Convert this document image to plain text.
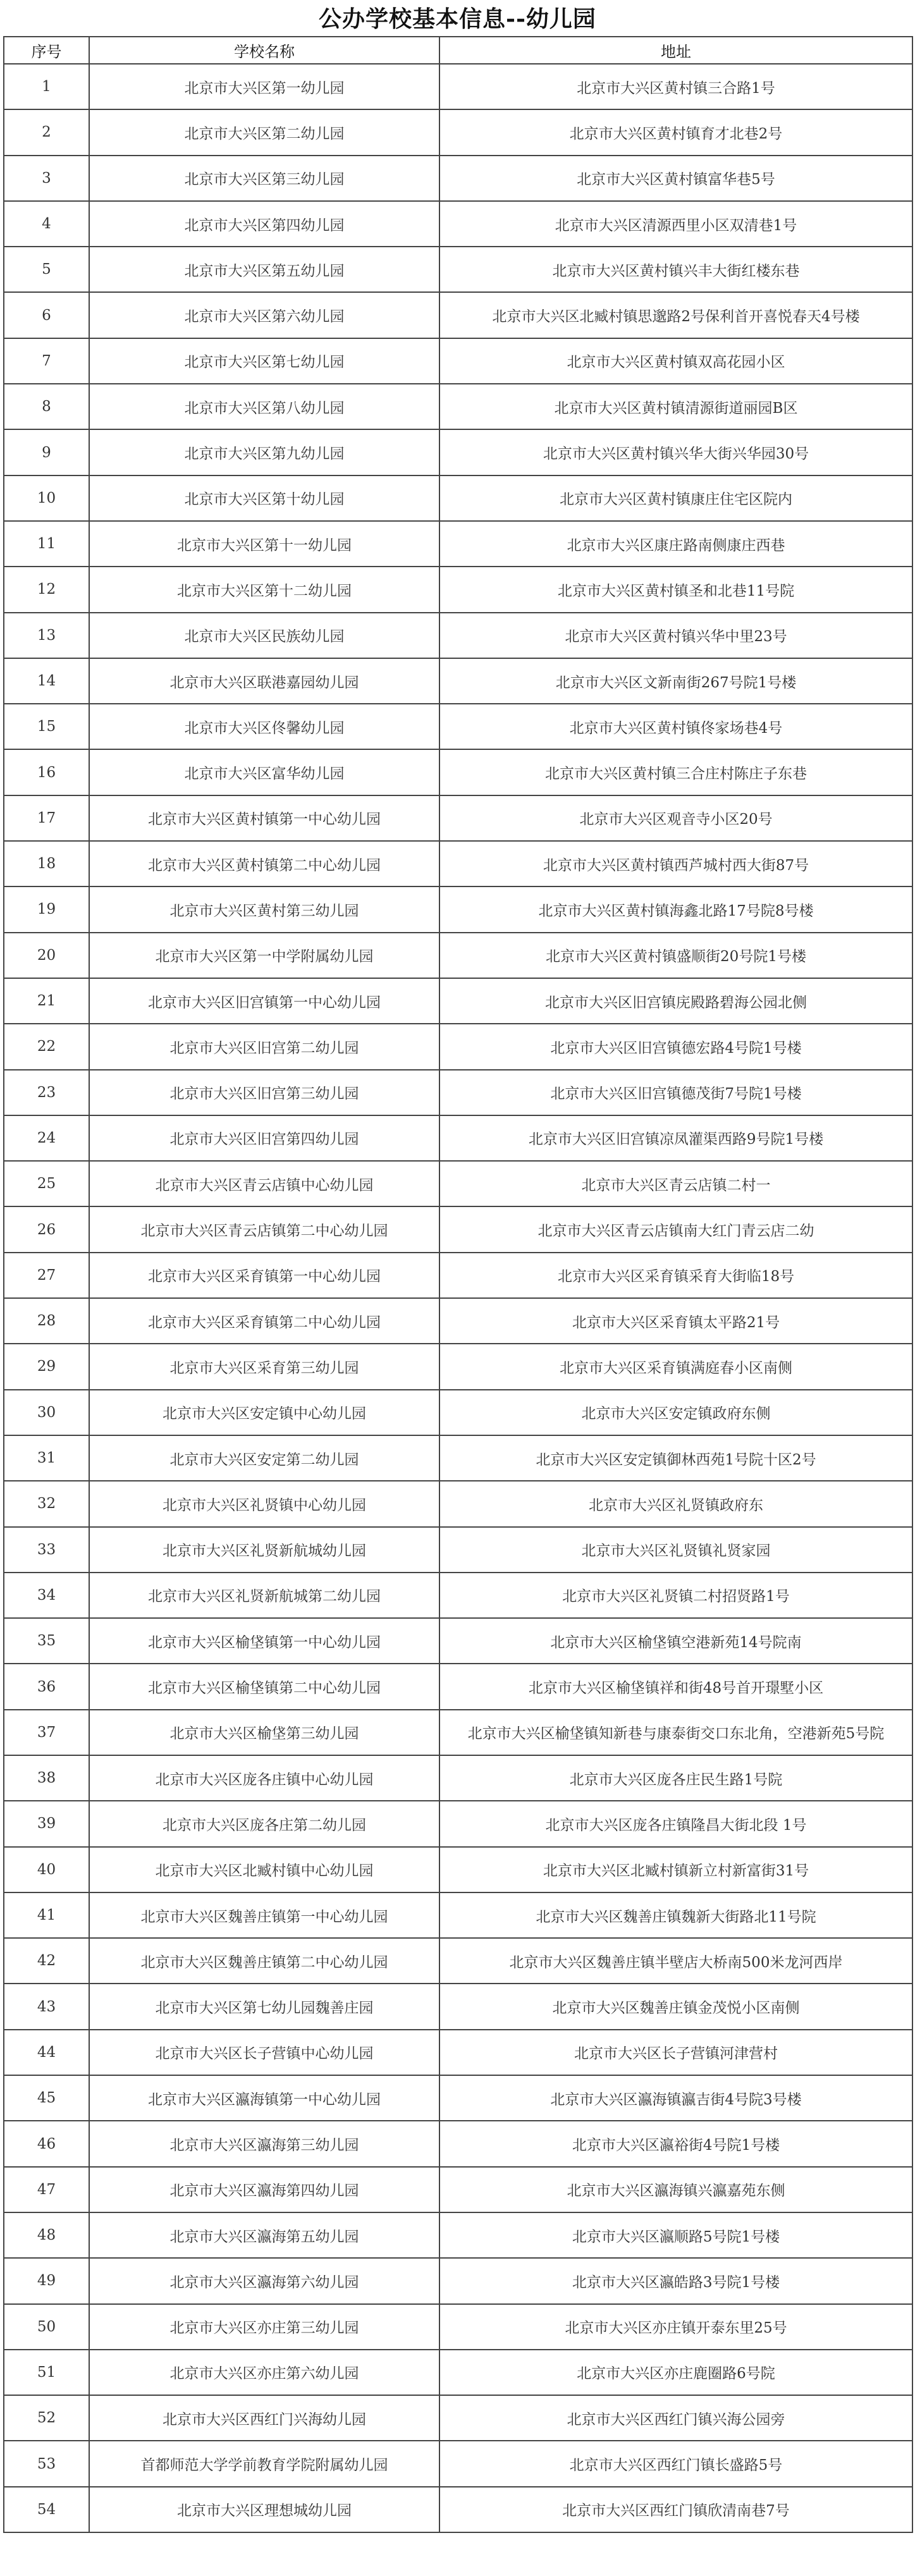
公办学校基本信息--幼儿园
序号	学校名称	地址
1	北京市大兴区第一幼儿园	北京市大兴区黄村镇三合路1号
2	北京市大兴区第二幼儿园	北京市大兴区黄村镇育才北巷2号
3	北京市大兴区第三幼儿园	北京市大兴区黄村镇富华巷5号
4	北京市大兴区第四幼儿园	北京市大兴区清源西里小区双清巷1号
5	北京市大兴区第五幼儿园	北京市大兴区黄村镇兴丰大街红楼东巷
6	北京市大兴区第六幼儿园	北京市大兴区北臧村镇思邈路2号保利首开喜悦春天4号楼
7	北京市大兴区第七幼儿园	北京市大兴区黄村镇双高花园小区
8	北京市大兴区第八幼儿园	北京市大兴区黄村镇清源街道丽园B区
9	北京市大兴区第九幼儿园	北京市大兴区黄村镇兴华大街兴华园30号
10	北京市大兴区第十幼儿园	北京市大兴区黄村镇康庄住宅区院内
11	北京市大兴区第十一幼儿园	北京市大兴区康庄路南侧康庄西巷
12	北京市大兴区第十二幼儿园	北京市大兴区黄村镇圣和北巷11号院
13	北京市大兴区民族幼儿园	北京市大兴区黄村镇兴华中里23号
14	北京市大兴区联港嘉园幼儿园	北京市大兴区文新南街267号院1号楼
15	北京市大兴区佟馨幼儿园	北京市大兴区黄村镇佟家场巷4号
16	北京市大兴区富华幼儿园	北京市大兴区黄村镇三合庄村陈庄子东巷
17	北京市大兴区黄村镇第一中心幼儿园	北京市大兴区观音寺小区20号
18	北京市大兴区黄村镇第二中心幼儿园	北京市大兴区黄村镇西芦城村西大街87号
19	北京市大兴区黄村第三幼儿园	北京市大兴区黄村镇海鑫北路17号院8号楼
20	北京市大兴区第一中学附属幼儿园	北京市大兴区黄村镇盛顺街20号院1号楼
21	北京市大兴区旧宫镇第一中心幼儿园	北京市大兴区旧宫镇庑殿路碧海公园北侧
22	北京市大兴区旧宫第二幼儿园	北京市大兴区旧宫镇德宏路4号院1号楼
23	北京市大兴区旧宫第三幼儿园	北京市大兴区旧宫镇德茂街7号院1号楼
24	北京市大兴区旧宫第四幼儿园	北京市大兴区旧宫镇凉凤灌渠西路9号院1号楼
25	北京市大兴区青云店镇中心幼儿园	北京市大兴区青云店镇二村一
26	北京市大兴区青云店镇第二中心幼儿园	北京市大兴区青云店镇南大红门青云店二幼
27	北京市大兴区采育镇第一中心幼儿园	北京市大兴区采育镇采育大街临18号
28	北京市大兴区采育镇第二中心幼儿园	北京市大兴区采育镇太平路21号
29	北京市大兴区采育第三幼儿园	北京市大兴区采育镇满庭春小区南侧
30	北京市大兴区安定镇中心幼儿园	北京市大兴区安定镇政府东侧
31	北京市大兴区安定第二幼儿园	北京市大兴区安定镇御林西苑1号院十区2号
32	北京市大兴区礼贤镇中心幼儿园	北京市大兴区礼贤镇政府东
33	北京市大兴区礼贤新航城幼儿园	北京市大兴区礼贤镇礼贤家园
34	北京市大兴区礼贤新航城第二幼儿园	北京市大兴区礼贤镇二村招贤路1号
35	北京市大兴区榆垡镇第一中心幼儿园	北京市大兴区榆垡镇空港新苑14号院南
36	北京市大兴区榆垡镇第二中心幼儿园	北京市大兴区榆垡镇祥和街48号首开璟墅小区
37	北京市大兴区榆垡第三幼儿园	北京市大兴区榆垡镇知新巷与康泰街交口东北角，空港新苑5号院
38	北京市大兴区庞各庄镇中心幼儿园	北京市大兴区庞各庄民生路1号院
39	北京市大兴区庞各庄第二幼儿园	北京市大兴区庞各庄镇隆昌大街北段 1号
40	北京市大兴区北臧村镇中心幼儿园	北京市大兴区北臧村镇新立村新富街31号
41	北京市大兴区魏善庄镇第一中心幼儿园	北京市大兴区魏善庄镇魏新大街路北11号院
42	北京市大兴区魏善庄镇第二中心幼儿园	北京市大兴区魏善庄镇半壁店大桥南500米龙河西岸
43	北京市大兴区第七幼儿园魏善庄园	北京市大兴区魏善庄镇金茂悦小区南侧
44	北京市大兴区长子营镇中心幼儿园	北京市大兴区长子营镇河津营村
45	北京市大兴区瀛海镇第一中心幼儿园	北京市大兴区瀛海镇瀛吉街4号院3号楼
46	北京市大兴区瀛海第三幼儿园	北京市大兴区瀛裕街4号院1号楼
47	北京市大兴区瀛海第四幼儿园	北京市大兴区瀛海镇兴瀛嘉苑东侧
48	北京市大兴区瀛海第五幼儿园	北京市大兴区瀛顺路5号院1号楼
49	北京市大兴区瀛海第六幼儿园	北京市大兴区瀛皓路3号院1号楼
50	北京市大兴区亦庄第三幼儿园	北京市大兴区亦庄镇开泰东里25号
51	北京市大兴区亦庄第六幼儿园	北京市大兴区亦庄鹿圈路6号院
52	北京市大兴区西红门兴海幼儿园	北京市大兴区西红门镇兴海公园旁
53	首都师范大学学前教育学院附属幼儿园	北京市大兴区西红门镇长盛路5号
54	北京市大兴区理想城幼儿园	北京市大兴区西红门镇欣清南巷7号
